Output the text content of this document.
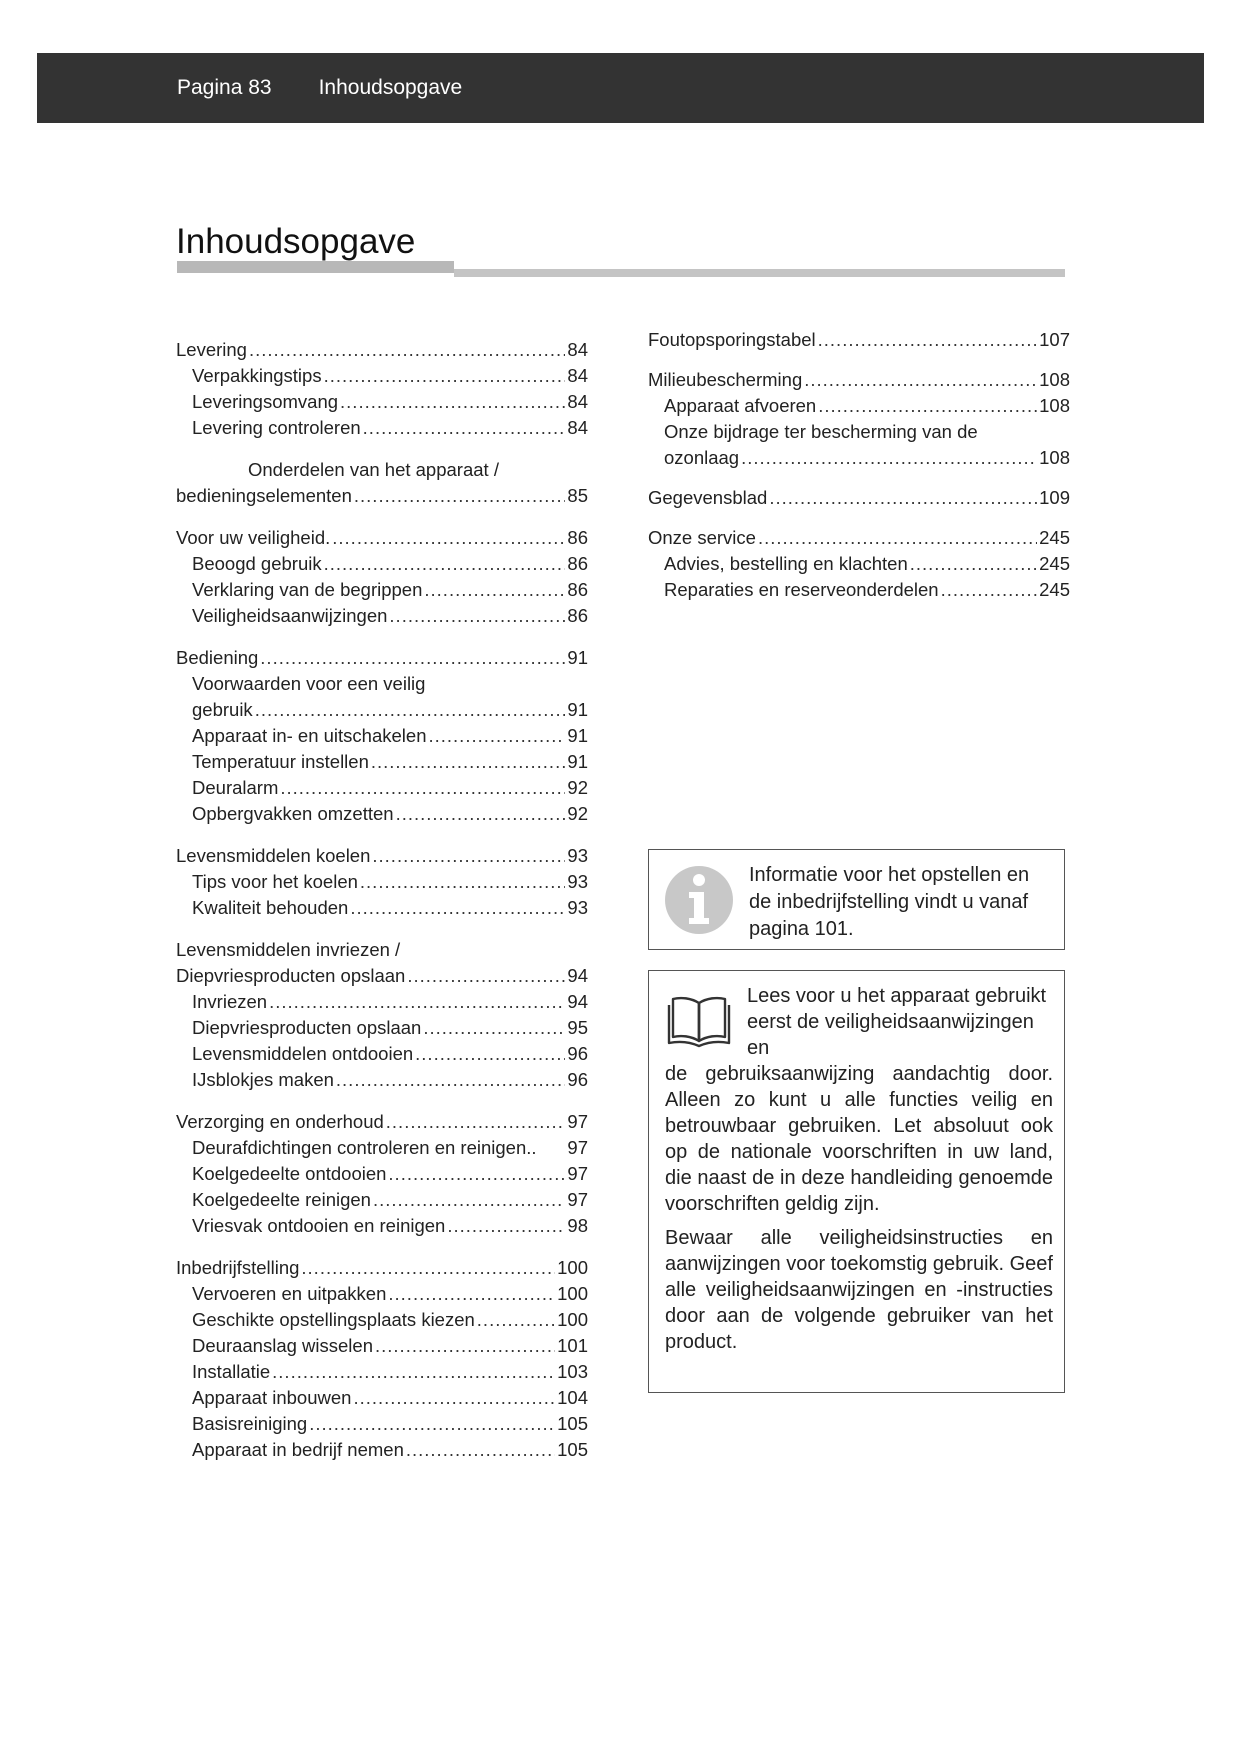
Pagina 83 Inhoudsopgave
Inhoudsopgave
Levering .....	84
Verpakkingstips .....	84
Leveringsomvang .....	84
Levering controleren .....	84
Onderdelen van het apparaat /
bedieningselementen .....	85
Voor uw veiligheid. .....	86
Beoogd gebruik .....	86
Verklaring van de begrippen .....	86
Veiligheidsaanwijzingen .....	86
Bediening .....	91
Voorwaarden voor een veilig
gebruik .....	91
Apparaat in- en uitschakelen .....	91
Temperatuur instellen .....	91
Deuralarm .....	92
Opbergvakken omzetten .....	92
Levensmiddelen koelen .....	93
Tips voor het koelen .....	93
Kwaliteit behouden .....	93
Levensmiddelen invriezen /
Diepvriesproducten opslaan .....	94
Invriezen .....	94
Diepvriesproducten opslaan .....	95
Levensmiddelen ontdooien .....	96
IJsblokjes maken .....	96
Verzorging en onderhoud .....	97
Deurafdichtingen controleren en reinigen.. 97
Koelgedeelte ontdooien .....	97
Koelgedeelte reinigen .....	97
Vriesvak ontdooien en reinigen .....	98
Inbedrijfstelling .....	100
Vervoeren en uitpakken .....	100
Geschikte opstellingsplaats kiezen .....	100
Deuraanslag wisselen .....	101
Installatie .....	103
Apparaat inbouwen .....	104
Basisreiniging .....	105
Apparaat in bedrijf nemen .....	105
Foutopsporingstabel .....	107
Milieubescherming .....	108
Apparaat afvoeren .....	108
Onze bijdrage ter bescherming van de
ozonlaag .....	108
Gegevensblad .....	109
Onze service .....	245
Advies, bestelling en klachten .....	245
Reparaties en reserveonderdelen .....	245
Informatie voor het opstellen en de inbedrijfstelling vindt u vanaf pagina 101.
Lees voor u het apparaat gebruikt eerst de veiligheidsaanwijzingen en

de gebruiksaanwijzing aandachtig door. Alleen zo kunt u alle functies veilig en betrouwbaar gebruiken. Let absoluut ook op de nationale voorschriften in uw land, die naast de in deze handleiding genoemde voorschriften geldig zijn.

Bewaar alle veiligheidsinstructies en aanwijzingen voor toekomstig gebruik. Geef alle veiligheidsaanwijzingen en -instructies door aan de volgende gebruiker van het product.
